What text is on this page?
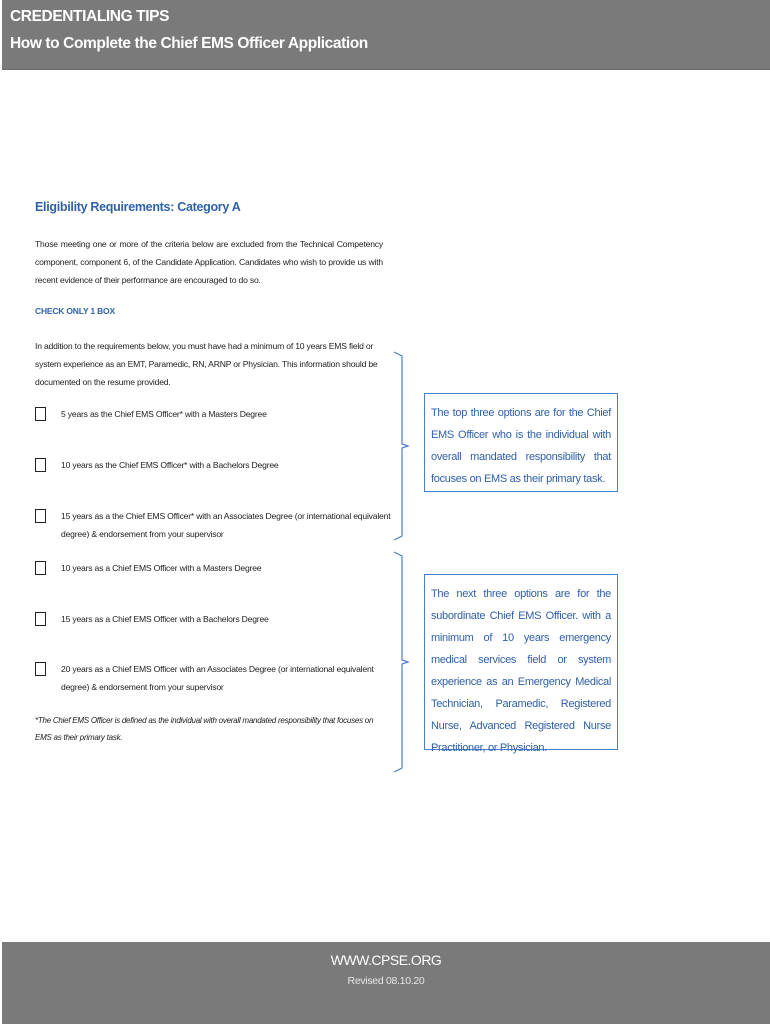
CREDENTIALING TIPS
How to Complete the Chief EMS Officer Application
Eligibility Requirements: Category A
Those meeting one or more of the criteria below are excluded from the Technical Competency component, component 6, of the Candidate Application. Candidates who wish to provide us with recent evidence of their performance are encouraged to do so.
CHECK ONLY 1 BOX
In addition to the requirements below, you must have had a minimum of 10 years EMS field or system experience as an EMT, Paramedic, RN, ARNP or Physician. This information should be documented on the resume provided.
5 years as the Chief EMS Officer* with a Masters Degree
10 years as the Chief EMS Officer* with a Bachelors Degree
15 years as a the Chief EMS Officer* with an Associates Degree (or international equivalent degree) & endorsement from your supervisor
10 years as a Chief EMS Officer with a Masters Degree
15 years as a Chief EMS Officer with a Bachelors Degree
20 years as a Chief EMS Officer with an Associates Degree (or international equivalent degree) & endorsement from your supervisor
*The Chief EMS Officer is defined as the individual with overall mandated responsibility that focuses on EMS as their primary task.
The top three options are for the Chief EMS Officer who is the individual with overall mandated responsibility that focuses on EMS as their primary task.
The next three options are for the subordinate Chief EMS Officer. with a minimum of 10 years emergency medical services field or system experience as an Emergency Medical Technician, Paramedic, Registered Nurse, Advanced Registered Nurse Practitioner, or Physician.
WWW.CPSE.ORG
Revised 08.10.20
